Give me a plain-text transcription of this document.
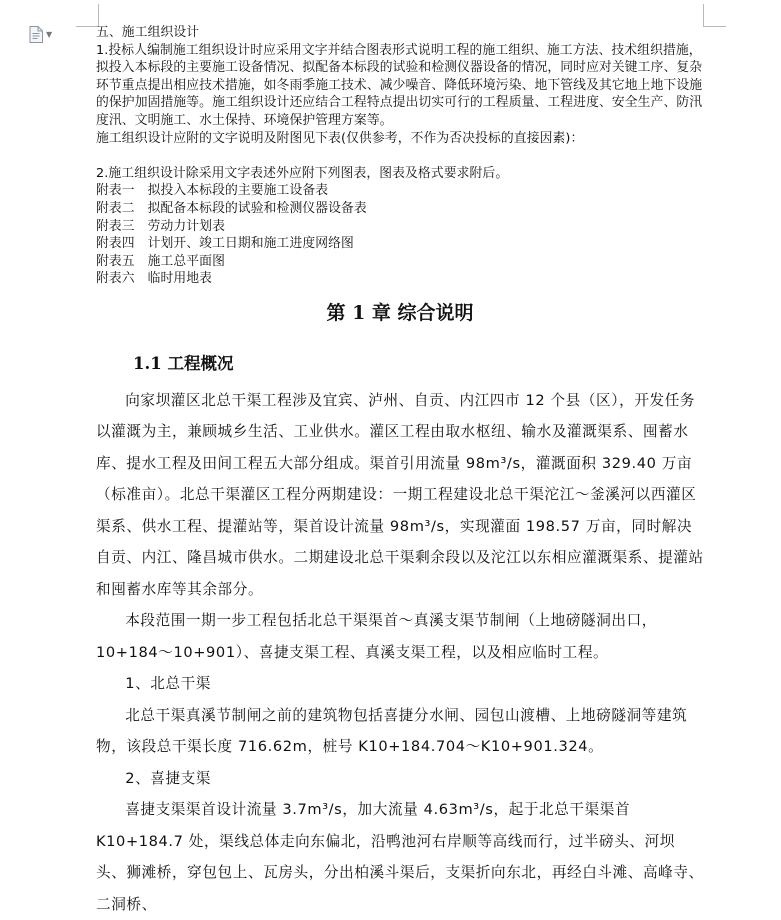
▼	五、施工组织设计

1.投标人编制施工组织设计时应采用文字并结合图表形式说明工程的施工组织、施工方法、技术组织措施，拟投入本标段的主要施工设备情况、拟配备本标段的试验和检测仪器设备的情况，同时应对关键工序、复杂环节重点提出相应技术措施，如冬雨季施工技术、减少噪音、降低环境污染、地下管线及其它地上地下设施的保护加固措施等。施工组织设计还应结合工程特点提出切实可行的工程质量、工程进度、安全生产、防汛度汛、文明施工、水土保持、环境保护管理方案等。

施工组织设计应附的文字说明及附图见下表(仅供参考，不作为否决投标的直接因素)：

2.施工组织设计除采用文字表述外应附下列图表，图表及格式要求附后。

附表一　拟投入本标段的主要施工设备表

附表二　拟配备本标段的试验和检测仪器设备表

附表三　劳动力计划表

附表四　计划开、竣工日期和施工进度网络图

附表五　施工总平面图

附表六　临时用地表

第 1 章 综合说明
1.1 工程概况

向家坝灌区北总干渠工程涉及宜宾、泸州、自贡、内江四市 12 个县（区），开发任务以灌溉为主，兼顾城乡生活、工业供水。灌区工程由取水枢纽、输水及灌溉渠系、囤蓄水库、提水工程及田间工程五大部分组成。渠首引用流量 98m³/s，灌溉面积 329.40 万亩（标准亩）。北总干渠灌区工程分两期建设：一期工程建设北总干渠沱江～釜溪河以西灌区渠系、供水工程、提灌站等，渠首设计流量 98m³/s，实现灌面 198.57 万亩，同时解决自贡、内江、隆昌城市供水。二期建设北总干渠剩余段以及沱江以东相应灌溉渠系、提灌站和囤蓄水库等其余部分。

本段范围一期一步工程包括北总干渠渠首～真溪支渠节制闸（上地磅隧洞出口，10+184～10+901）、喜捷支渠工程、真溪支渠工程，以及相应临时工程。

1、北总干渠

北总干渠真溪节制闸之前的建筑物包括喜捷分水闸、园包山渡槽、上地磅隧洞等建筑物，该段总干渠长度 716.62m，桩号 K10+184.704～K10+901.324。

2、喜捷支渠

喜捷支渠渠首设计流量 3.7m³/s，加大流量 4.63m³/s，起于北总干渠渠首 K10+184.7 处，渠线总体走向东偏北，沿鸭池河右岸顺等高线而行，过半磅头、河坝头、狮滩桥，穿包包上、瓦房头，分出柏溪斗渠后，支渠折向东北，再经白斗滩、高峰寺、二洞桥、
